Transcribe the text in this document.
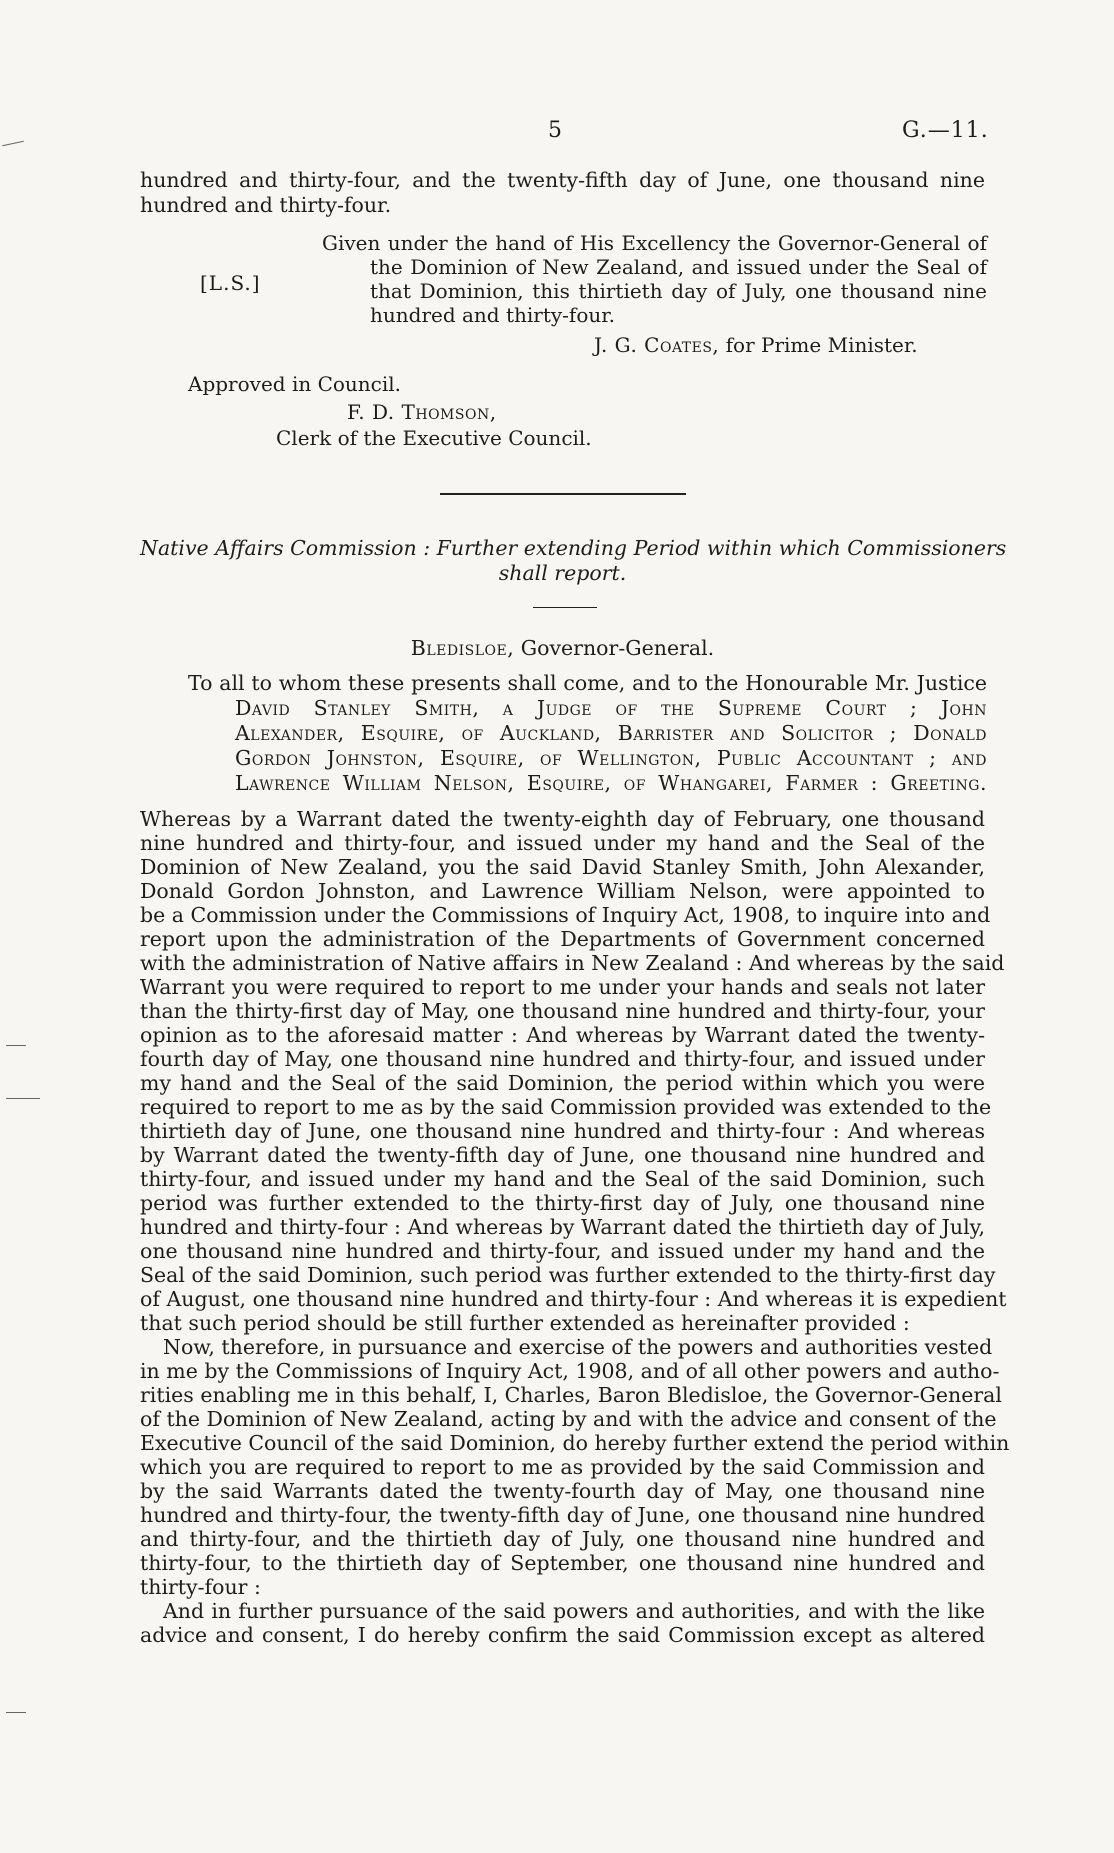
5	G.—11.
hundred and thirty-four, and the twenty-fifth day of June, one thousand nine
hundred and thirty-four.
[L.S.]
Given under the hand of His Excellency the Governor-General of
the Dominion of New Zealand, and issued under the Seal of
that Dominion, this thirtieth day of July, one thousand nine
hundred and thirty-four.
J. G. Coates, for Prime Minister.
Approved in Council.
F. D. Thomson,
Clerk of the Executive Council.
Native Affairs Commission : Further extending Period within which Commissioners
shall report.
Bledisloe, Governor-General.
To all to whom these presents shall come, and to the Honourable Mr. Justice
David Stanley Smith, a Judge of the Supreme Court ; John
Alexander, Esquire, of Auckland, Barrister and Solicitor ; Donald
Gordon Johnston, Esquire, of Wellington, Public Accountant ; and
Lawrence William Nelson, Esquire, of Whangarei, Farmer : Greeting.
Whereas by a Warrant dated the twenty-eighth day of February, one thousand
nine hundred and thirty-four, and issued under my hand and the Seal of the
Dominion of New Zealand, you the said David Stanley Smith, John Alexander,
Donald Gordon Johnston, and Lawrence William Nelson, were appointed to
be a Commission under the Commissions of Inquiry Act, 1908, to inquire into and
report upon the administration of the Departments of Government concerned
with the administration of Native affairs in New Zealand : And whereas by the said
Warrant you were required to report to me under your hands and seals not later
than the thirty-first day of May, one thousand nine hundred and thirty-four, your
opinion as to the aforesaid matter : And whereas by Warrant dated the twenty-
fourth day of May, one thousand nine hundred and thirty-four, and issued under
my hand and the Seal of the said Dominion, the period within which you were
required to report to me as by the said Commission provided was extended to the
thirtieth day of June, one thousand nine hundred and thirty-four : And whereas
by Warrant dated the twenty-fifth day of June, one thousand nine hundred and
thirty-four, and issued under my hand and the Seal of the said Dominion, such
period was further extended to the thirty-first day of July, one thousand nine
hundred and thirty-four : And whereas by Warrant dated the thirtieth day of July,
one thousand nine hundred and thirty-four, and issued under my hand and the
Seal of the said Dominion, such period was further extended to the thirty-first day
of August, one thousand nine hundred and thirty-four : And whereas it is expedient
that such period should be still further extended as hereinafter provided :
Now, therefore, in pursuance and exercise of the powers and authorities vested
in me by the Commissions of Inquiry Act, 1908, and of all other powers and autho-
rities enabling me in this behalf, I, Charles, Baron Bledisloe, the Governor-General
of the Dominion of New Zealand, acting by and with the advice and consent of the
Executive Council of the said Dominion, do hereby further extend the period within
which you are required to report to me as provided by the said Commission and
by the said Warrants dated the twenty-fourth day of May, one thousand nine
hundred and thirty-four, the twenty-fifth day of June, one thousand nine hundred
and thirty-four, and the thirtieth day of July, one thousand nine hundred and
thirty-four, to the thirtieth day of September, one thousand nine hundred and
thirty-four :
And in further pursuance of the said powers and authorities, and with the like
advice and consent, I do hereby confirm the said Commission except as altered
